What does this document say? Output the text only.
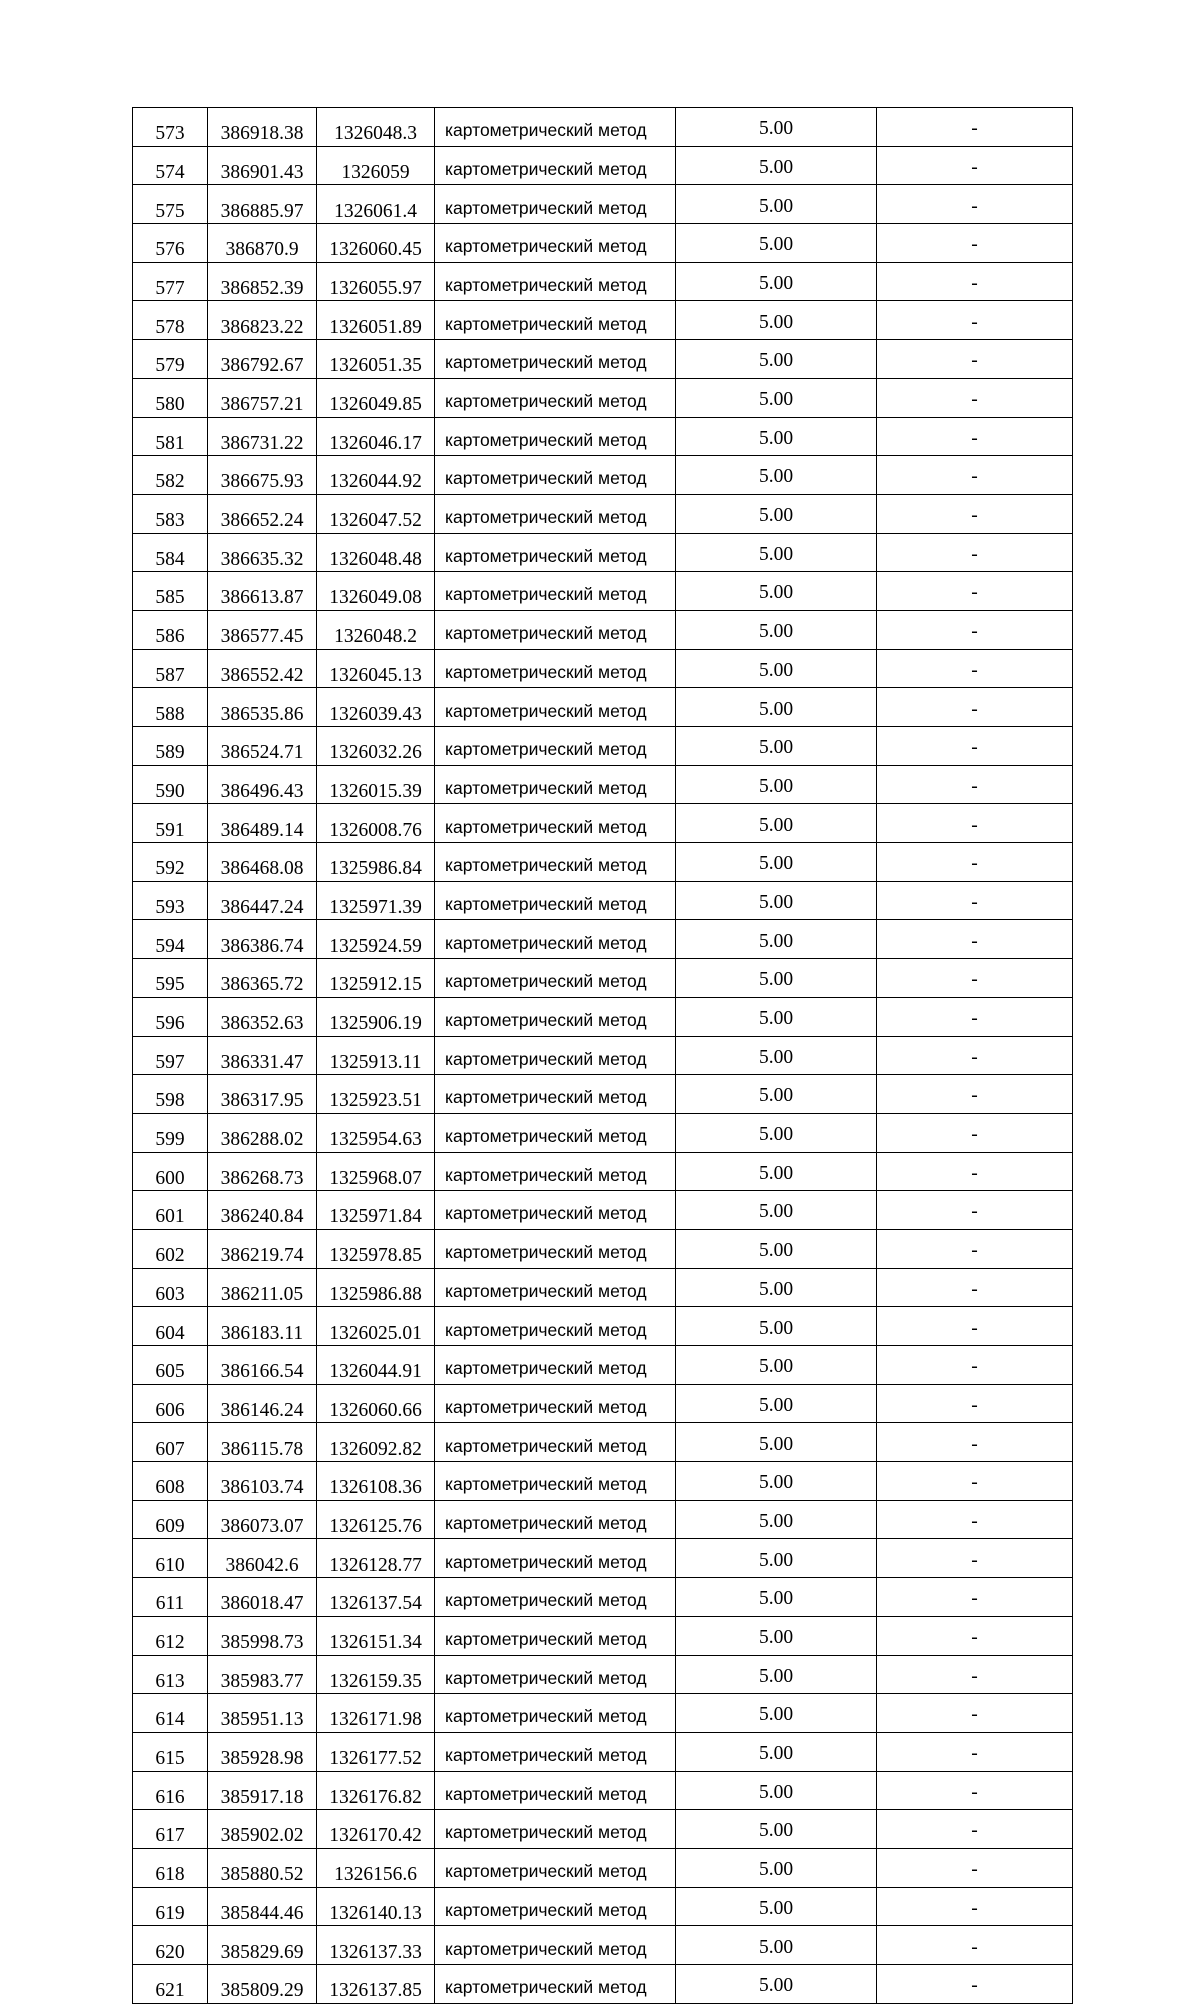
573	386918.38	1326048.3	картометрический метод	5.00	-
574	386901.43	1326059	картометрический метод	5.00	-
575	386885.97	1326061.4	картометрический метод	5.00	-
576	386870.9	1326060.45	картометрический метод	5.00	-
577	386852.39	1326055.97	картометрический метод	5.00	-
578	386823.22	1326051.89	картометрический метод	5.00	-
579	386792.67	1326051.35	картометрический метод	5.00	-
580	386757.21	1326049.85	картометрический метод	5.00	-
581	386731.22	1326046.17	картометрический метод	5.00	-
582	386675.93	1326044.92	картометрический метод	5.00	-
583	386652.24	1326047.52	картометрический метод	5.00	-
584	386635.32	1326048.48	картометрический метод	5.00	-
585	386613.87	1326049.08	картометрический метод	5.00	-
586	386577.45	1326048.2	картометрический метод	5.00	-
587	386552.42	1326045.13	картометрический метод	5.00	-
588	386535.86	1326039.43	картометрический метод	5.00	-
589	386524.71	1326032.26	картометрический метод	5.00	-
590	386496.43	1326015.39	картометрический метод	5.00	-
591	386489.14	1326008.76	картометрический метод	5.00	-
592	386468.08	1325986.84	картометрический метод	5.00	-
593	386447.24	1325971.39	картометрический метод	5.00	-
594	386386.74	1325924.59	картометрический метод	5.00	-
595	386365.72	1325912.15	картометрический метод	5.00	-
596	386352.63	1325906.19	картометрический метод	5.00	-
597	386331.47	1325913.11	картометрический метод	5.00	-
598	386317.95	1325923.51	картометрический метод	5.00	-
599	386288.02	1325954.63	картометрический метод	5.00	-
600	386268.73	1325968.07	картометрический метод	5.00	-
601	386240.84	1325971.84	картометрический метод	5.00	-
602	386219.74	1325978.85	картометрический метод	5.00	-
603	386211.05	1325986.88	картометрический метод	5.00	-
604	386183.11	1326025.01	картометрический метод	5.00	-
605	386166.54	1326044.91	картометрический метод	5.00	-
606	386146.24	1326060.66	картометрический метод	5.00	-
607	386115.78	1326092.82	картометрический метод	5.00	-
608	386103.74	1326108.36	картометрический метод	5.00	-
609	386073.07	1326125.76	картометрический метод	5.00	-
610	386042.6	1326128.77	картометрический метод	5.00	-
611	386018.47	1326137.54	картометрический метод	5.00	-
612	385998.73	1326151.34	картометрический метод	5.00	-
613	385983.77	1326159.35	картометрический метод	5.00	-
614	385951.13	1326171.98	картометрический метод	5.00	-
615	385928.98	1326177.52	картометрический метод	5.00	-
616	385917.18	1326176.82	картометрический метод	5.00	-
617	385902.02	1326170.42	картометрический метод	5.00	-
618	385880.52	1326156.6	картометрический метод	5.00	-
619	385844.46	1326140.13	картометрический метод	5.00	-
620	385829.69	1326137.33	картометрический метод	5.00	-
621	385809.29	1326137.85	картометрический метод	5.00	-
